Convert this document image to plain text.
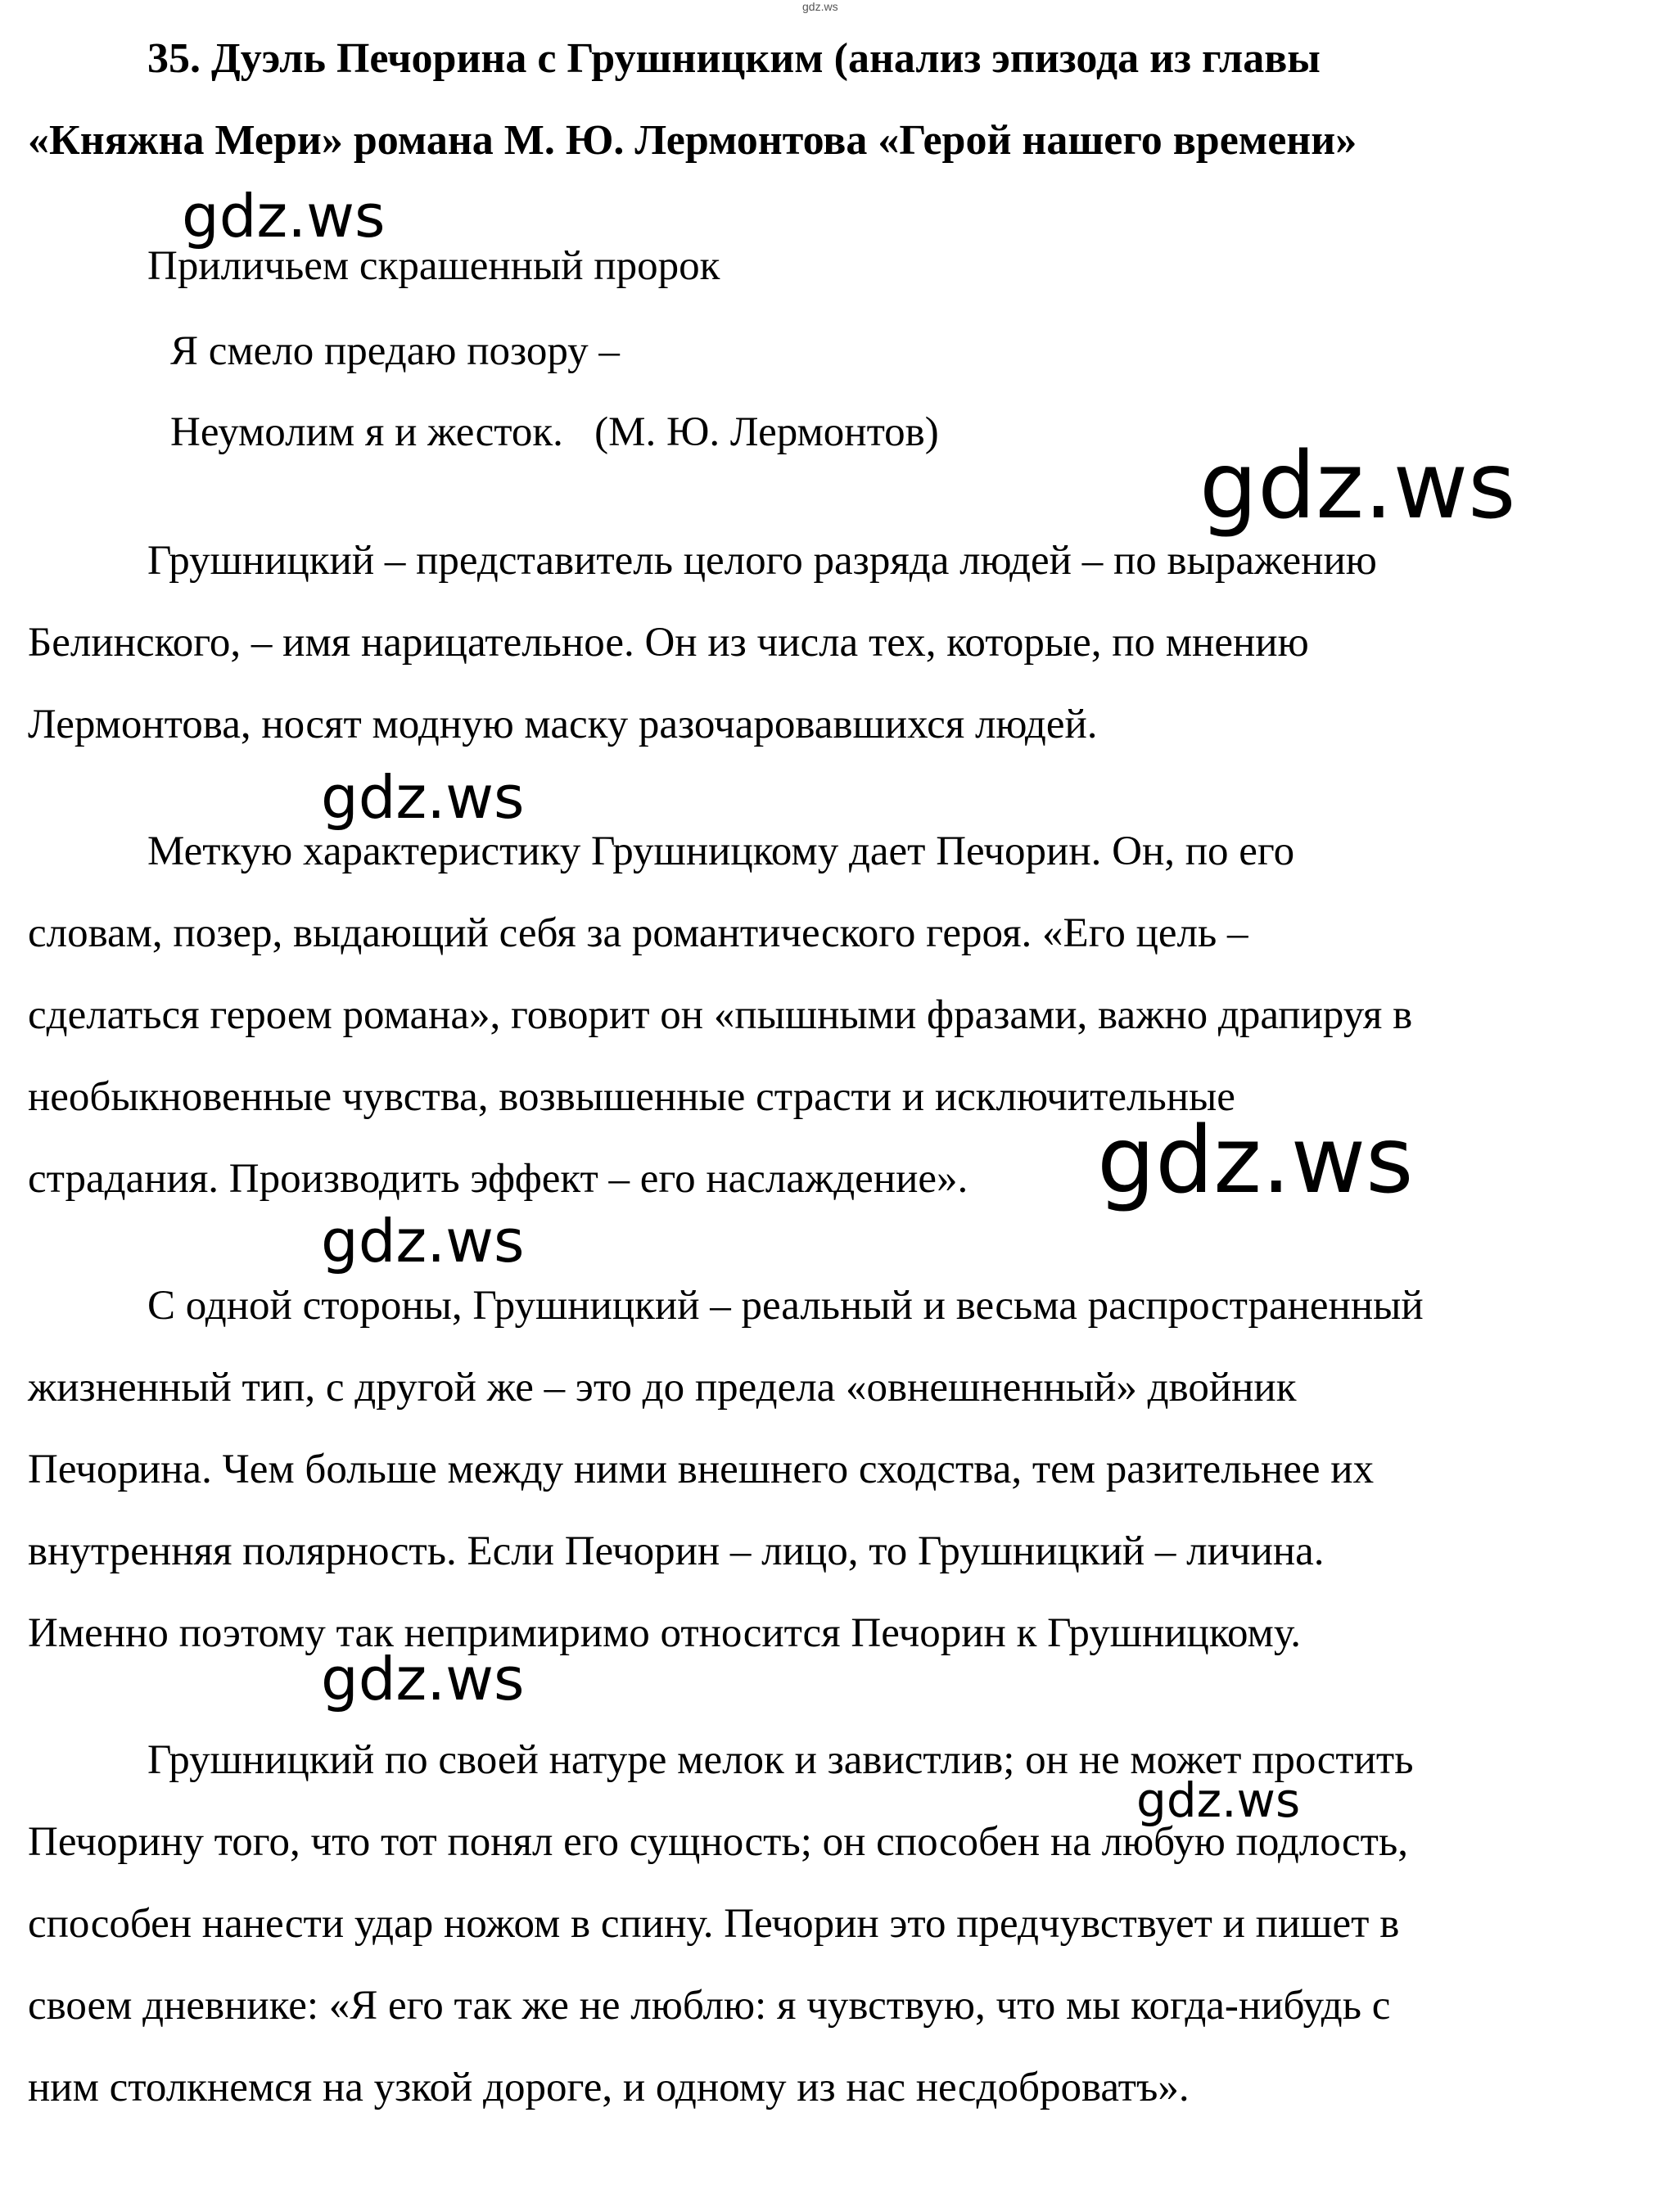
gdz.ws
35. Дуэль Печорина с Грушницким (анализ эпизода из главы
«Княжна Мери» романа М. Ю. Лермонтова «Герой нашего времени»
Приличьем скрашенный пророк
Я смело предаю позору –
Неумолим я и жесток.   (М. Ю. Лермонтов)
Грушницкий – представитель целого разряда людей – по выражению
Белинского, – имя нарицательное. Он из числа тех, которые, по мнению
Лермонтова, носят модную маску разочаровавшихся людей.
Меткую характеристику Грушницкому дает Печорин. Он, по его
словам, позер, выдающий себя за романтического героя. «Его цель –
сделаться героем романа», говорит он «пышными фразами, важно драпируя в
необыкновенные чувства, возвышенные страсти и исключительные
страдания. Производить эффект – его наслаждение».
С одной стороны, Грушницкий – реальный и весьма распространенный
жизненный тип, с другой же – это до предела «овнешненный» двойник
Печорина. Чем больше между ними внешнего сходства, тем разительнее их
внутренняя полярность. Если Печорин – лицо, то Грушницкий – личина.
Именно поэтому так непримиримо относится Печорин к Грушницкому.
Грушницкий по своей натуре мелок и завистлив; он не может простить
Печорину того, что тот понял его сущность; он способен на любую подлость,
способен нанести удар ножом в спину. Печорин это предчувствует и пишет в
своем дневнике: «Я его так же не люблю: я чувствую, что мы когда-нибудь с
ним столкнемся на узкой дороге, и одному из нас несдоброватъ».
gdz.ws
gdz.ws
gdz.ws
gdz.ws
gdz.ws
gdz.ws
gdz.ws
